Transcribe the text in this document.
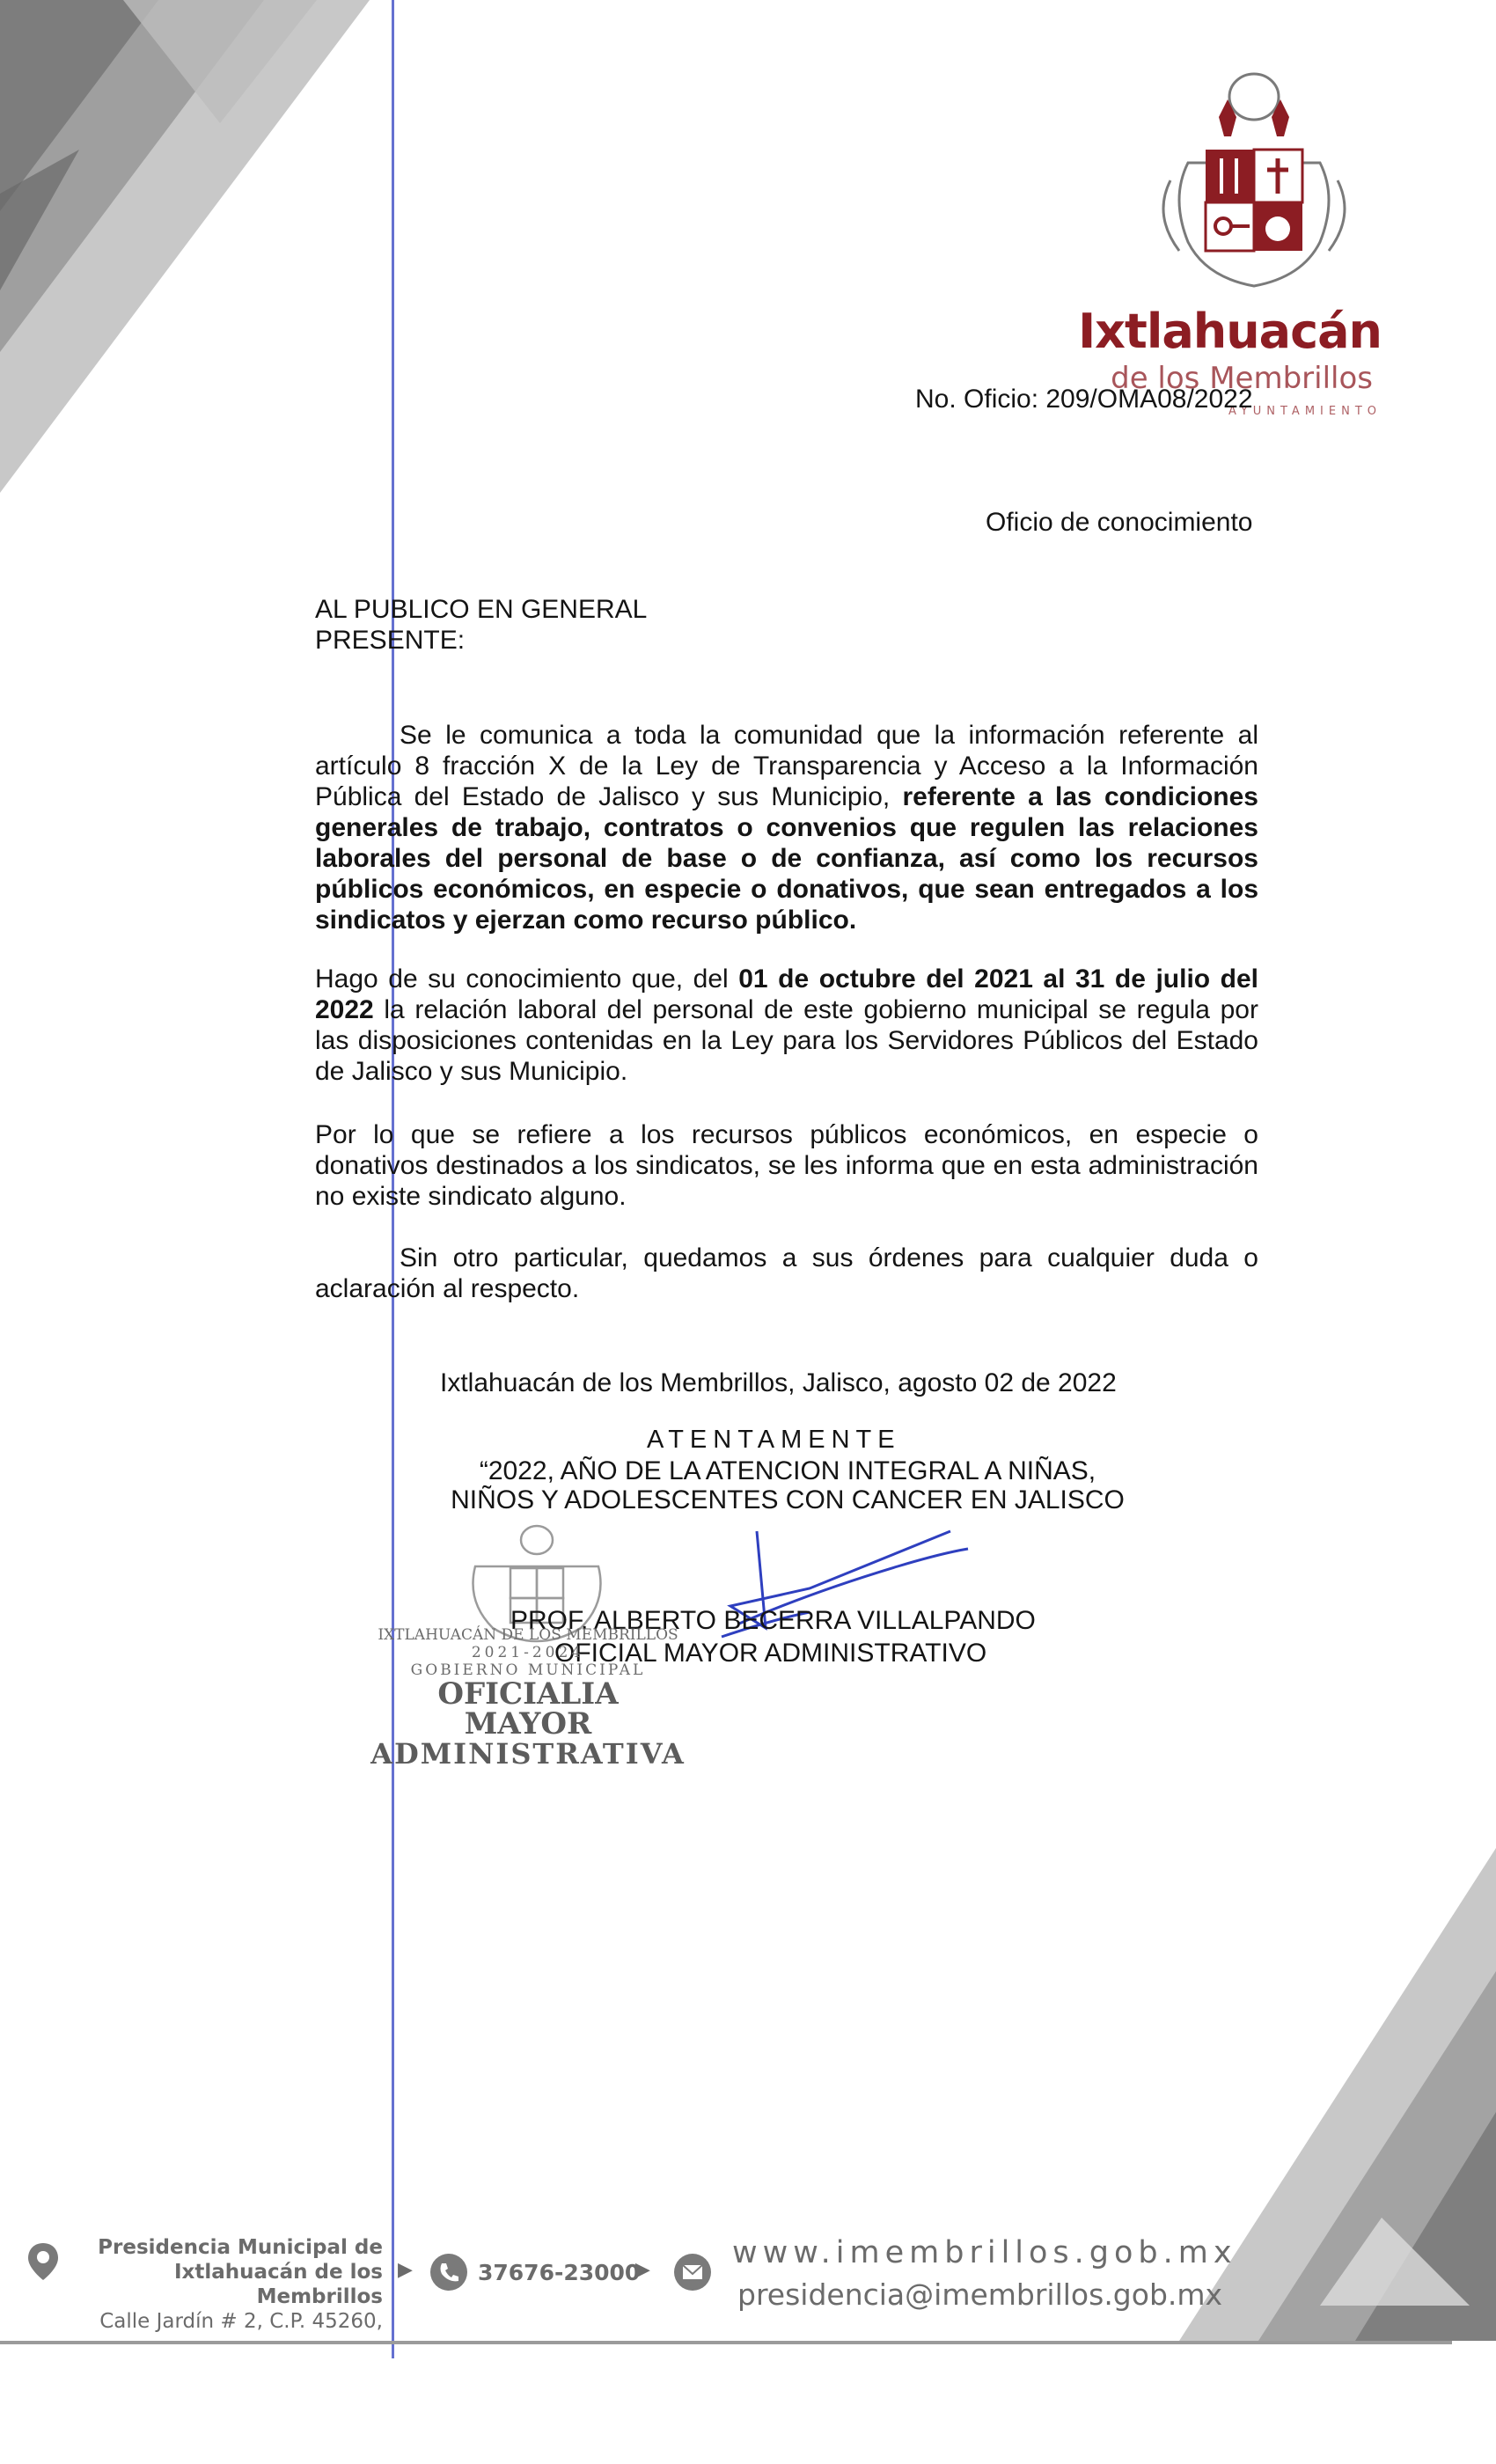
Ixtlahuacán
de los Membrillos
AYUNTAMIENTO
No. Oficio: 209/OMA08/2022
Oficio de conocimiento
AL PUBLICO EN GENERAL
PRESENTE:
Se le comunica a toda la comunidad que la información referente al artículo 8 fracción X de la Ley de Transparencia y Acceso a la Información Pública del Estado de Jalisco y sus Municipio, referente a las condiciones generales de trabajo, contratos o convenios que regulen las relaciones laborales del personal de base o de confianza, así como los recursos públicos económicos, en especie o donativos, que sean entregados a los sindicatos y ejerzan como recurso público.
Hago de su conocimiento que, del 01 de octubre del 2021 al 31 de julio del 2022 la relación laboral del personal de este gobierno municipal se regula por las disposiciones contenidas en la Ley para los Servidores Públicos del Estado de Jalisco y sus Municipio.
Por lo que se refiere a los recursos públicos económicos, en especie o donativos destinados a los sindicatos, se les informa que en esta administración no existe sindicato alguno.
Sin otro particular, quedamos a sus órdenes para cualquier duda o aclaración al respecto.
Ixtlahuacán de los Membrillos, Jalisco, agosto 02 de 2022
ATENTAMENTE
“2022, AÑO DE LA ATENCION INTEGRAL A NIÑAS, NIÑOS Y ADOLESCENTES CON CANCER EN JALISCO
PROF. ALBERTO BECERRA VILLALPANDO
OFICIAL MAYOR ADMINISTRATIVO
IXTLAHUACÁN DE LOS MEMBRILLOS
2021-2024
GOBIERNO MUNICIPAL
OFICIALIA MAYOR
ADMINISTRATIVA
Presidencia Municipal de
Ixtlahuacán de los Membrillos
Calle Jardín # 2, C.P. 45260,
▶	37676-23000
▶	www.imembrillos.gob.mx
presidencia@imembrillos.gob.mx
